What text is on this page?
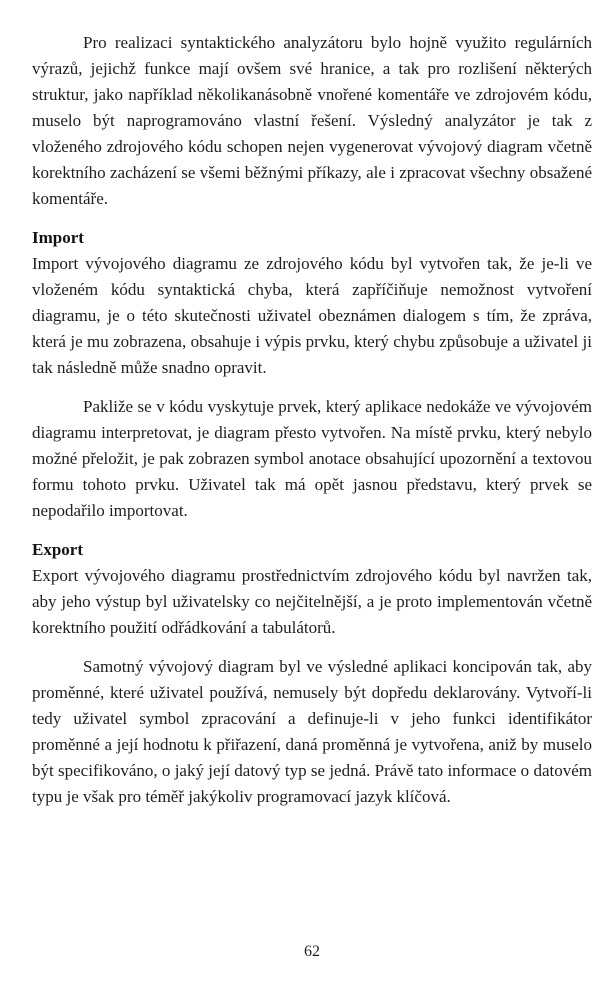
Pro realizaci syntaktického analyzátoru bylo hojně využito regulárních výrazů, jejichž funkce mají ovšem své hranice, a tak pro rozlišení některých struktur, jako například několikanásobně vnořené komentáře ve zdrojovém kódu, muselo být naprogramováno vlastní řešení. Výsledný analyzátor je tak z vloženého zdrojového kódu schopen nejen vygenerovat vývojový diagram včetně korektního zacházení se všemi běžnými příkazy, ale i zpracovat všechny obsažené komentáře.

Import

Import vývojového diagramu ze zdrojového kódu byl vytvořen tak, že je-li ve vloženém kódu syntaktická chyba, která zapříčiňuje nemožnost vytvoření diagramu, je o této skutečnosti uživatel obeznámen dialogem s tím, že zpráva, která je mu zobrazena, obsahuje i výpis prvku, který chybu způsobuje a uživatel ji tak následně může snadno opravit.

Pakliže se v kódu vyskytuje prvek, který aplikace nedokáže ve vývojovém diagramu interpretovat, je diagram přesto vytvořen. Na místě prvku, který nebylo možné přeložit, je pak zobrazen symbol anotace obsahující upozornění a textovou formu tohoto prvku. Uživatel tak má opět jasnou představu, který prvek se nepodařilo importovat.

Export

Export vývojového diagramu prostřednictvím zdrojového kódu byl navržen tak, aby jeho výstup byl uživatelsky co nejčitelnější, a je proto implementován včetně korektního použití odřádkování a tabulátorů.

Samotný vývojový diagram byl ve výsledné aplikaci koncipován tak, aby proměnné, které uživatel používá, nemusely být dopředu deklarovány. Vytvoří-li tedy uživatel symbol zpracování a definuje-li v jeho funkci identifikátor proměnné a její hodnotu k přiřazení, daná proměnná je vytvořena, aniž by muselo být specifikováno, o jaký její datový typ se jedná. Právě tato informace o datovém typu je však pro téměř jakýkoliv programovací jazyk klíčová.

62
